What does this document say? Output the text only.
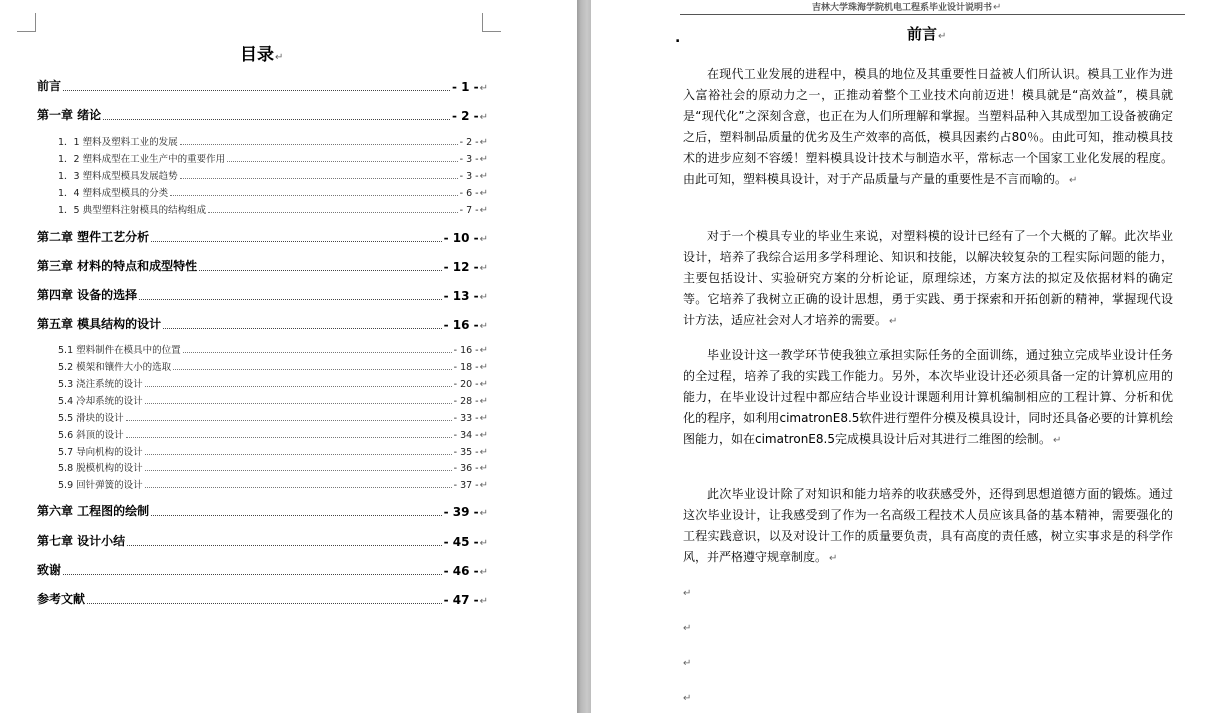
目录↵
前言	- 1 - ↵
第一章 绪论	- 2 - ↵
1．1 塑料及塑料工业的发展	- 2 - ↵
1．2 塑料成型在工业生产中的重要作用	- 3 - ↵
1．3 塑料成型模具发展趋势	- 3 - ↵
1．4 塑料成型模具的分类	- 6 - ↵
1．5 典型塑料注射模具的结构组成	- 7 - ↵
第二章 塑件工艺分析	- 10 - ↵
第三章 材料的特点和成型特性	- 12 - ↵
第四章 设备的选择	- 13 - ↵
第五章 模具结构的设计	- 16 - ↵
5.1 塑料制件在模具中的位置	- 16 - ↵
5.2 模架和镶件大小的选取	- 18 - ↵
5.3 浇注系统的设计	- 20 - ↵
5.4 冷却系统的设计	- 28 - ↵
5.5 滑块的设计	- 33 - ↵
5.6 斜顶的设计	- 34 - ↵
5.7 导向机构的设计	- 35 - ↵
5.8 脱模机构的设计	- 36 - ↵
5.9 回针弹簧的设计	- 37 - ↵
第六章 工程图的绘制	- 39 - ↵
第七章 设计小结	- 45 - ↵
致谢	- 46 - ↵
参考文献	- 47 - ↵
吉林大学珠海学院机电工程系毕业设计说明书↵
.	前言↵
在现代工业发展的进程中，模具的地位及其重要性日益被人们所认识。模具工业作为进入富裕社会的原动力之一，正推动着整个工业技术向前迈进！模具就是“高效益”，模具就是“现代化”之深刻含意，也正在为人们所理解和掌握。当塑料品种入其成型加工设备被确定之后，塑料制品质量的优劣及生产效率的高低，模具因素约占80％。由此可知，推动模具技术的进步应刻不容缓！塑料模具设计技术与制造水平，常标志一个国家工业化发展的程度。由此可知，塑料模具设计，对于产品质量与产量的重要性是不言而喻的。 ↵
对于一个模具专业的毕业生来说，对塑料模的设计已经有了一个大概的了解。此次毕业设计，培养了我综合运用多学科理论、知识和技能，以解决较复杂的工程实际问题的能力，主要包括设计、实验研究方案的分析论证，原理综述，方案方法的拟定及依据材料的确定等。它培养了我树立正确的设计思想，勇于实践、勇于探索和开拓创新的精神，掌握现代设计方法，适应社会对人才培养的需要。 ↵
毕业设计这一教学环节使我独立承担实际任务的全面训练，通过独立完成毕业设计任务的全过程，培养了我的实践工作能力。另外，本次毕业设计还必须具备一定的计算机应用的能力，在毕业设计过程中都应结合毕业设计课题利用计算机编制相应的工程计算、分析和优化的程序，如利用cimatronE8.5软件进行塑件分模及模具设计，同时还具备必要的计算机绘图能力，如在cimatronE8.5完成模具设计后对其进行二维图的绘制。 ↵
此次毕业设计除了对知识和能力培养的收获感受外，还得到思想道德方面的锻炼。通过这次毕业设计，让我感受到了作为一名高级工程技术人员应该具备的基本精神，需要强化的工程实践意识，以及对设计工作的质量要负责，具有高度的责任感，树立实事求是的科学作风，并严格遵守规章制度。 ↵
↵
↵
↵
↵
